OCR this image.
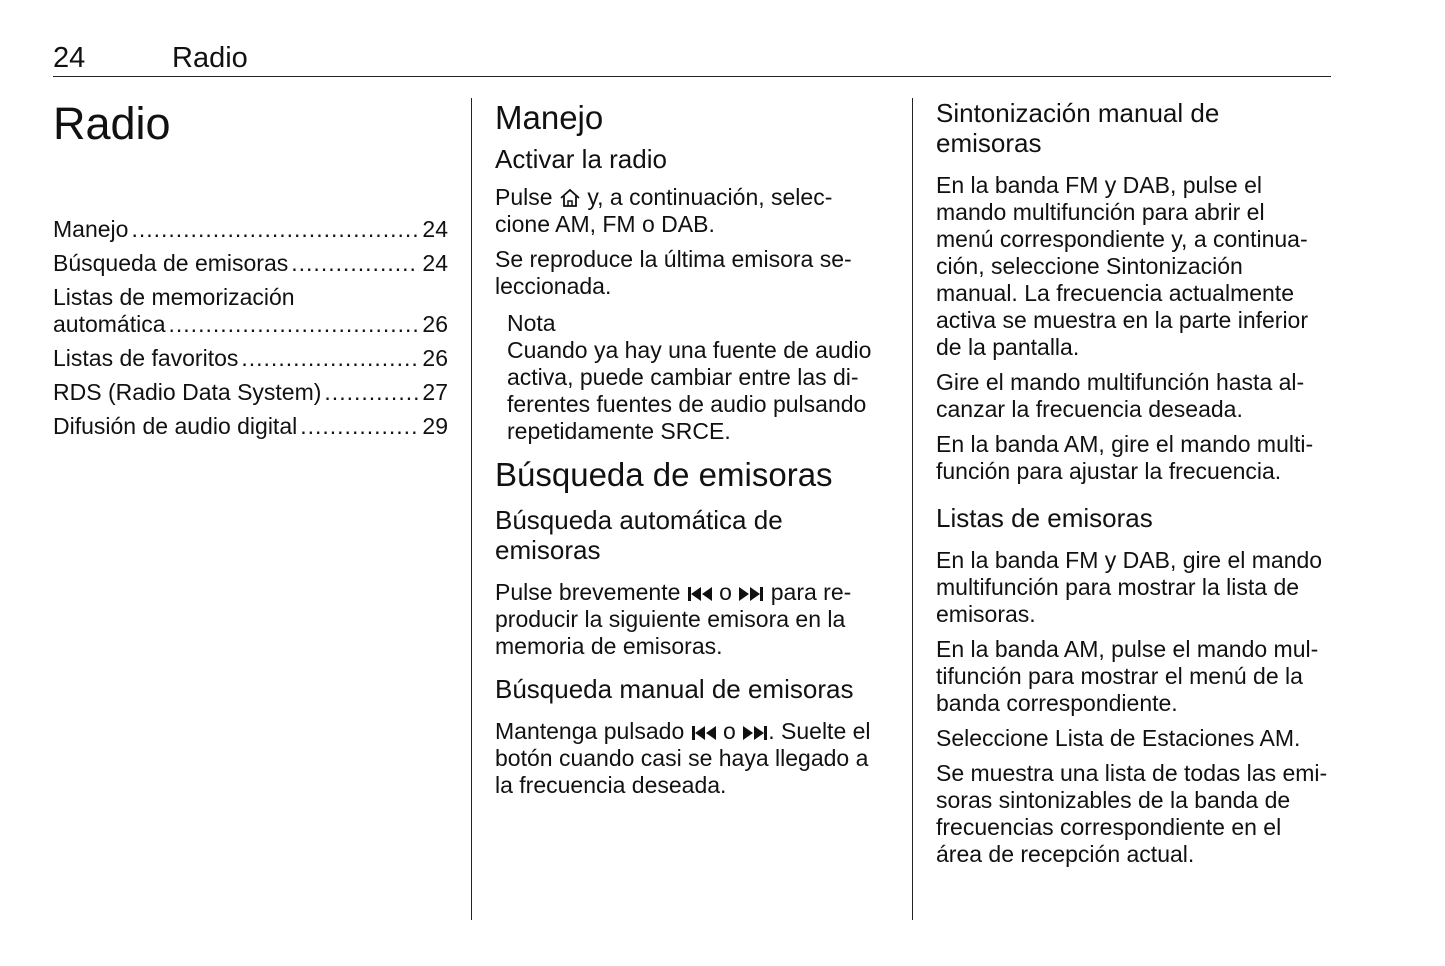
24	Radio
Radio
Manejo .....	24
Búsqueda de emisoras .....	24
Listas de memorización
automática .....	26
Listas de favoritos .....	26
RDS (Radio Data System) .....	27
Difusión de audio digital .....	29
Manejo
Activar la radio

Pulse y, a continuación, selec-
cione AM, FM o DAB.

Se reproduce la última emisora se-
leccionada.

Nota

Cuando ya hay una fuente de audio
activa, puede cambiar entre las di-
ferentes fuentes de audio pulsando
repetidamente SRCE.

Búsqueda de emisoras
Búsqueda automática de
emisoras

Pulse brevemente o para re-
producir la siguiente emisora en la
memoria de emisoras.

Búsqueda manual de emisoras

Mantenga pulsado o . Suelte el
botón cuando casi se haya llegado a
la frecuencia deseada.

Sintonización manual de
emisoras

En la banda FM y DAB, pulse el
mando multifunción para abrir el
menú correspondiente y, a continua-
ción, seleccione Sintonización
manual. La frecuencia actualmente
activa se muestra en la parte inferior
de la pantalla.

Gire el mando multifunción hasta al-
canzar la frecuencia deseada.

En la banda AM, gire el mando multi-
función para ajustar la frecuencia.

Listas de emisoras

En la banda FM y DAB, gire el mando
multifunción para mostrar la lista de
emisoras.

En la banda AM, pulse el mando mul-
tifunción para mostrar el menú de la
banda correspondiente.

Seleccione Lista de Estaciones AM.

Se muestra una lista de todas las emi-
soras sintonizables de la banda de
frecuencias correspondiente en el
área de recepción actual.
